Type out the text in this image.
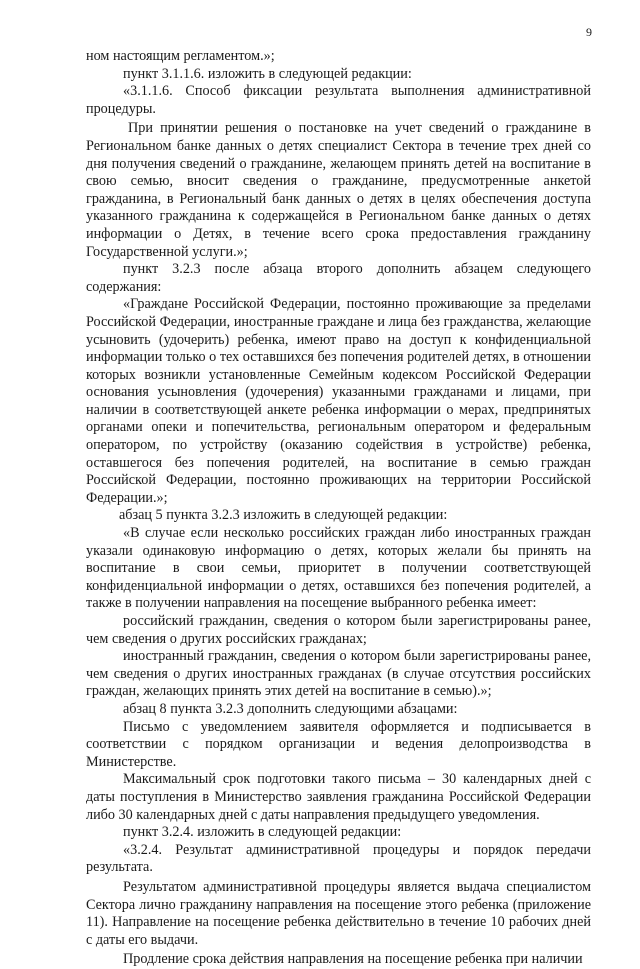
9

ном настоящим регламентом.»;

пункт 3.1.1.6. изложить в следующей редакции:

«3.1.1.6. Способ фиксации результата выполнения административной процедуры.

При принятии решения о постановке на учет сведений о гражданине в Региональном банке данных о детях специалист Сектора в течение трех дней со дня получения сведений о гражданине, желающем принять детей на воспитание в свою семью, вносит сведения о гражданине, предусмотренные анкетой гражданина, в Региональный банк данных о детях в целях обеспечения доступа указанного гражданина к содержащейся в Региональном банке данных о детях информации о Детях, в течение всего срока предоставления гражданину Государственной услуги.»;

пункт 3.2.3 после абзаца второго дополнить абзацем следующего содержания:

«Граждане Российской Федерации, постоянно проживающие за пределами Российской Федерации, иностранные граждане и лица без гражданства, желающие усыновить (удочерить) ребенка, имеют право на доступ к конфиденциальной информации только о тех оставшихся без попечения родителей детях, в отношении которых возникли установленные Семейным кодексом Российской Федерации основания усыновления (удочерения) указанными гражданами и лицами, при наличии в соответствующей анкете ребенка информации о мерах, предпринятых органами опеки и попечительства, региональным оператором и федеральным оператором, по устройству (оказанию содействия в устройстве) ребенка, оставшегося без попечения родителей, на воспитание в семью граждан Российской Федерации, постоянно проживающих на территории Российской Федерации.»;

абзац 5 пункта 3.2.3 изложить в следующей редакции:

«В случае если несколько российских граждан либо иностранных граждан указали одинаковую информацию о детях, которых желали бы принять на воспитание в свои семьи, приоритет в получении соответствующей конфиденциальной информации о детях, оставшихся без попечения родителей, а также в получении направления на посещение выбранного ребенка имеет:

российский гражданин, сведения о котором были зарегистрированы ранее, чем сведения о других российских гражданах;

иностранный гражданин, сведения о котором были зарегистрированы ранее, чем сведения о других иностранных гражданах (в случае отсутствия российских граждан, желающих принять этих детей на воспитание в семью).»;

абзац 8 пункта 3.2.3 дополнить следующими абзацами:

Письмо с уведомлением заявителя оформляется и подписывается в соответствии с порядком организации и ведения делопроизводства в Министерстве.

Максимальный срок подготовки такого письма – 30 календарных дней с даты поступления в Министерство заявления гражданина Российской Федерации либо 30 календарных дней с даты направления предыдущего уведомления.

пункт 3.2.4. изложить в следующей редакции:

«3.2.4. Результат административной процедуры и порядок передачи результата.

Результатом административной процедуры является выдача специалистом Сектора лично гражданину направления на посещение этого ребенка (приложение 11). Направление на посещение ребенка действительно в течение 10 рабочих дней с даты его выдачи.

Продление срока действия направления на посещение ребенка при наличии
